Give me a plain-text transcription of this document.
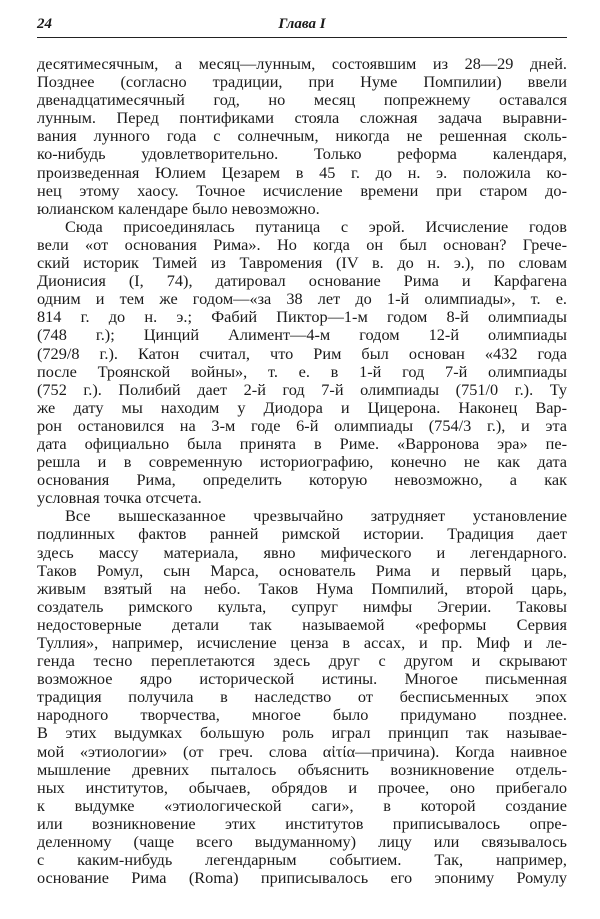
24	Глава I
десятимесячным, а месяц—лунным, состоявшим из 28—29 дней.
Позднее (согласно традиции, при Нуме Помпилии) ввели
двенадцатимесячный год, но месяц попрежнему оставался
лунным. Перед понтификами стояла сложная задача выравни-
вания лунного года с солнечным, никогда не решенная сколь-
ко-нибудь удовлетворительно. Только реформа календаря,
произведенная Юлием Цезарем в 45 г. до н. э. положила ко-
нец этому хаосу. Точное исчисление времени при старом до-
юлианском календаре было невозможно.
Сюда присоединялась путаница с эрой. Исчисление годов
вели «от основания Рима». Но когда он был основан? Грече-
ский историк Тимей из Тавромения (IV в. до н. э.), по словам
Дионисия (I, 74), датировал основание Рима и Карфагена
одним и тем же годом—«за 38 лет до 1-й олимпиады», т. е.
814 г. до н. э.; Фабий Пиктор—1-м годом 8-й олимпиады
(748 г.); Цинций Алимент—4-м годом 12-й олимпиады
(729/8 г.). Катон считал, что Рим был основан «432 года
после Троянской войны», т. е. в 1-й год 7-й олимпиады
(752 г.). Полибий дает 2-й год 7-й олимпиады (751/0 г.). Ту
же дату мы находим у Диодора и Цицерона. Наконец Вар-
рон остановился на 3-м годе 6-й олимпиады (754/3 г.), и эта
дата официально была принята в Риме. «Варронова эра» пе-
решла и в современную историографию, конечно не как дата
основания Рима, определить которую невозможно, а как
условная точка отсчета.
Все вышесказанное чрезвычайно затрудняет установление
подлинных фактов ранней римской истории. Традиция дает
здесь массу материала, явно мифического и легендарного.
Таков Ромул, сын Марса, основатель Рима и первый царь,
живым взятый на небо. Таков Нума Помпилий, второй царь,
создатель римского культа, супруг нимфы Эгерии. Таковы
недостоверные детали так называемой «реформы Сервия
Туллия», например, исчисление ценза в ассах, и пр. Миф и ле-
генда тесно переплетаются здесь друг с другом и скрывают
возможное ядро исторической истины. Многое письменная
традиция получила в наследство от бесписьменных эпох
народного творчества, многое было придумано позднее.
В этих выдумках большую роль играл принцип так называе-
мой «этиологии» (от греч. слова αἰτία—причина). Когда наивное
мышление древних пыталось объяснить возникновение отдель-
ных институтов, обычаев, обрядов и прочее, оно прибегало
к выдумке «этиологической саги», в которой создание
или возникновение этих институтов приписывалось опре-
деленному (чаще всего выдуманному) лицу или связывалось
с каким-нибудь легендарным событием. Так, например,
основание Рима (Roma) приписывалось его эпониму Ромулу
